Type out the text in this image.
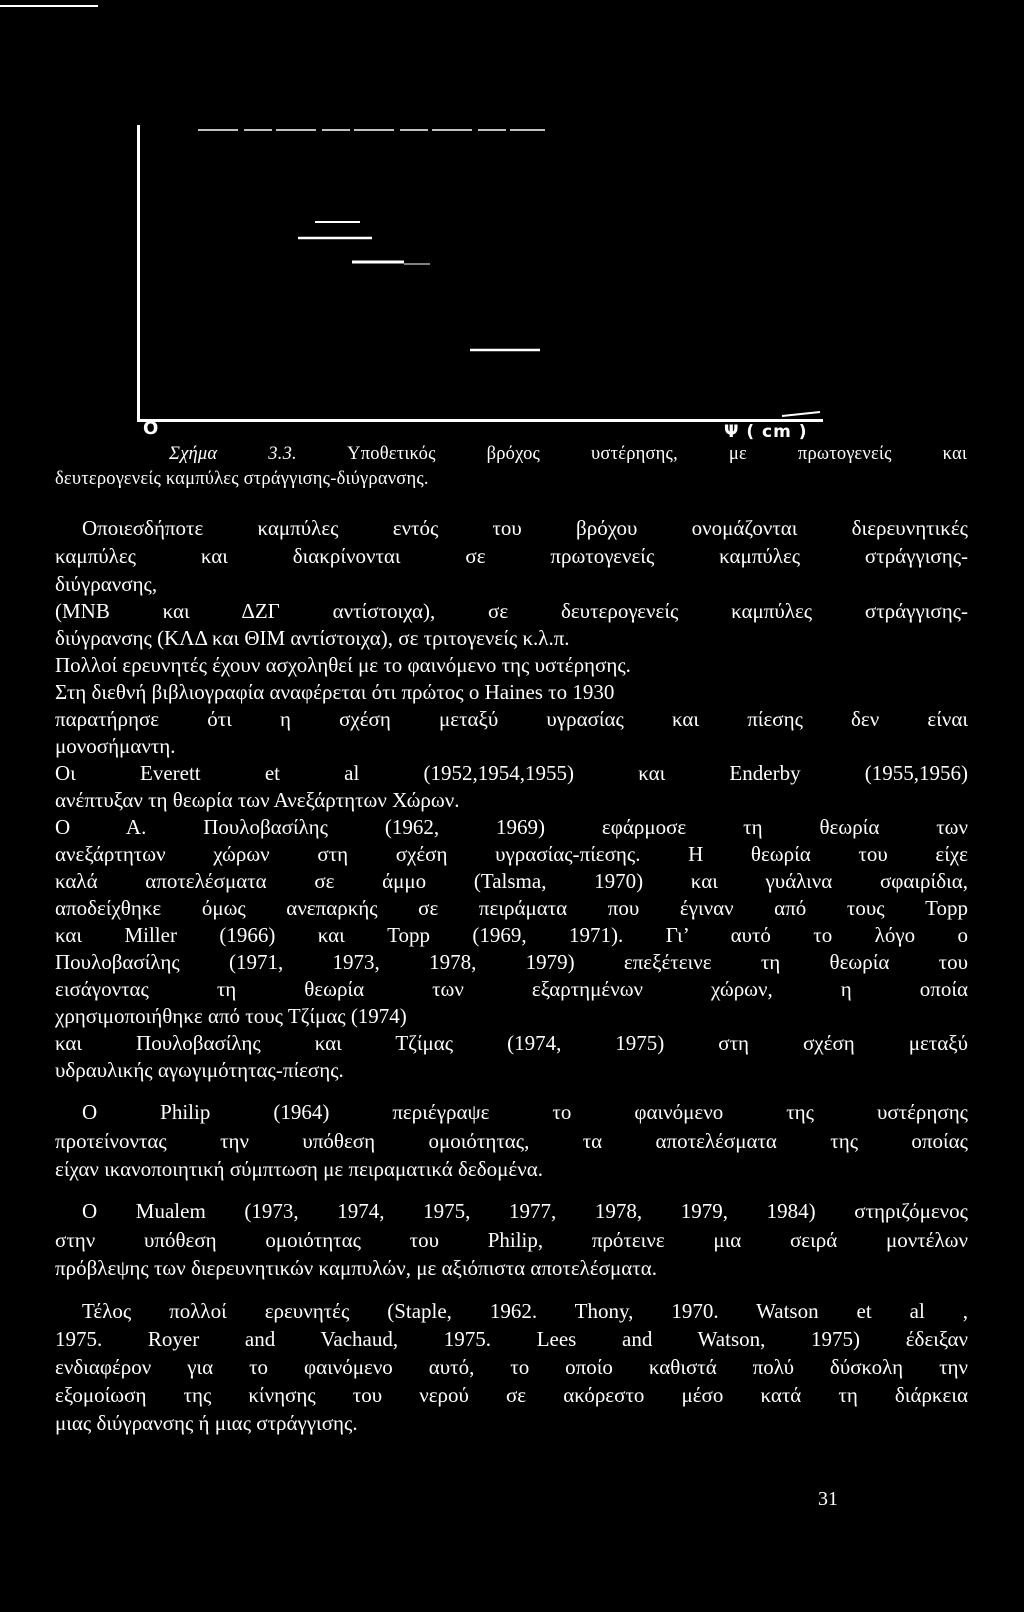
O	Ψ ( cm )
Σχήμα	3.3.	Υποθετικός βρόχος υστέρησης, με πρωτογενείς και
δευτερογενείς καμπύλες στράγγισης-διύγρανσης.
Οποιεσδήποτε καμπύλες εντός του βρόχου ονομάζονται διερευνητικές
καμπύλες και διακρίνονται σε πρωτογενείς καμπύλες στράγγισης-
διύγρανσης,
(ΜΝΒ και ΔΖΓ αντίστοιχα), σε δευτερογενείς καμπύλες στράγγισης-
διύγρανσης (ΚΛΔ και ΘΙΜ αντίστοιχα), σε τριτογενείς κ.λ.π.
Πολλοί ερευνητές έχουν ασχοληθεί με το φαινόμενο της υστέρησης.
Στη διεθνή βιβλιογραφία αναφέρεται ότι πρώτος ο Haines το 1930
παρατήρησε ότι η σχέση μεταξύ υγρασίας και πίεσης δεν είναι
μονοσήμαντη.
Οι Everett et al (1952,1954,1955) και Enderby (1955,1956)
ανέπτυξαν τη θεωρία των Ανεξάρτητων Χώρων.
Ο Α. Πουλοβασίλης (1962, 1969) εφάρμοσε τη θεωρία των
ανεξάρτητων χώρων στη σχέση υγρασίας-πίεσης. Η θεωρία του είχε
καλά αποτελέσματα σε άμμο (Talsma, 1970) και γυάλινα σφαιρίδια,
αποδείχθηκε όμως ανεπαρκής σε πειράματα που έγιναν από τους Topp
και Miller (1966) και Topp (1969, 1971). Γι’ αυτό το λόγο ο
Πουλοβασίλης (1971, 1973, 1978, 1979) επεξέτεινε τη θεωρία του
εισάγοντας τη θεωρία των εξαρτημένων χώρων, η οποία
χρησιμοποιήθηκε από τους Τζίμας (1974)
και Πουλοβασίλης και Τζίμας (1974, 1975) στη σχέση μεταξύ
υδραυλικής αγωγιμότητας-πίεσης.
Ο Philip (1964) περιέγραψε το φαινόμενο της υστέρησης
προτείνοντας την υπόθεση ομοιότητας, τα αποτελέσματα της οποίας
είχαν ικανοποιητική σύμπτωση με πειραματικά δεδομένα.
Ο Mualem (1973, 1974, 1975, 1977, 1978, 1979, 1984) στηριζόμενος
στην υπόθεση ομοιότητας του Philip, πρότεινε μια σειρά μοντέλων
πρόβλεψης των διερευνητικών καμπυλών, με αξιόπιστα αποτελέσματα.
Τέλος πολλοί ερευνητές (Staple, 1962. Thony, 1970. Watson et al ,
1975. Royer and Vachaud, 1975. Lees and Watson, 1975) έδειξαν
ενδιαφέρον για το φαινόμενο αυτό, το οποίο καθιστά πολύ δύσκολη την
εξομοίωση της κίνησης του νερού σε ακόρεστο μέσο κατά τη διάρκεια
μιας διύγρανσης ή μιας στράγγισης.
31
